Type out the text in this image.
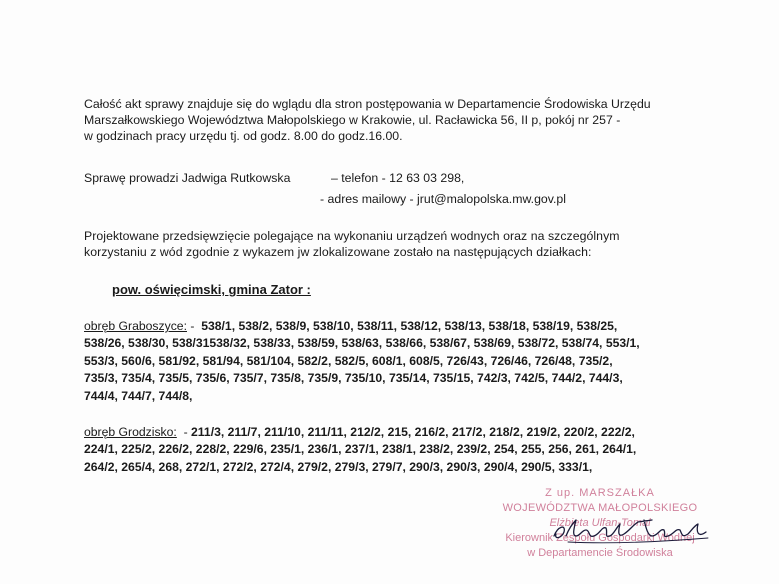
Całość akt sprawy znajduje się do wglądu dla stron postępowania w Departamencie Środowiska Urzędu
Marszałkowskiego Województwa Małopolskiego w Krakowie, ul. Racławicka 56, II p, pokój nr 257 -
w godzinach pracy urzędu tj. od godz. 8.00 do godz.16.00.
Sprawę prowadzi Jadwiga Rutkowska	– telefon - 12 63 03 298,
- adres mailowy - jrut@malopolska.mw.gov.pl
Projektowane przedsięwzięcie polegające na wykonaniu urządzeń wodnych oraz na szczególnym
korzystaniu z wód zgodnie z wykazem jw zlokalizowane zostało na następujących działkach:
pow. oświęcimski, gmina Zator :
obręb Graboszyce: -  538/1, 538/2, 538/9, 538/10, 538/11, 538/12, 538/13, 538/18, 538/19, 538/25,
538/26, 538/30, 538/31538/32, 538/33, 538/59, 538/63, 538/66, 538/67, 538/69, 538/72, 538/74, 553/1,
553/3, 560/6, 581/92, 581/94, 581/104, 582/2, 582/5, 608/1, 608/5, 726/43, 726/46, 726/48, 735/2,
735/3, 735/4, 735/5, 735/6, 735/7, 735/8, 735/9, 735/10, 735/14, 735/15, 742/3, 742/5, 744/2, 744/3,
744/4, 744/7, 744/8,
obręb Grodzisko:  - 211/3, 211/7, 211/10, 211/11, 212/2, 215, 216/2, 217/2, 218/2, 219/2, 220/2, 222/2,
224/1, 225/2, 226/2, 228/2, 229/6, 235/1, 236/1, 237/1, 238/1, 238/2, 239/2, 254, 255, 256, 261, 264/1,
264/2, 265/4, 268, 272/1, 272/2, 272/4, 279/2, 279/3, 279/7, 290/3, 290/3, 290/4, 290/5, 333/1,
Z up. MARSZAŁKA
WOJEWÓDZTWA MAŁOPOLSKIEGO
Elżbieta Ulfan-Tomal
Kierownik Zespołu Gospodarki Wodnej
w Departamencie Środowiska
